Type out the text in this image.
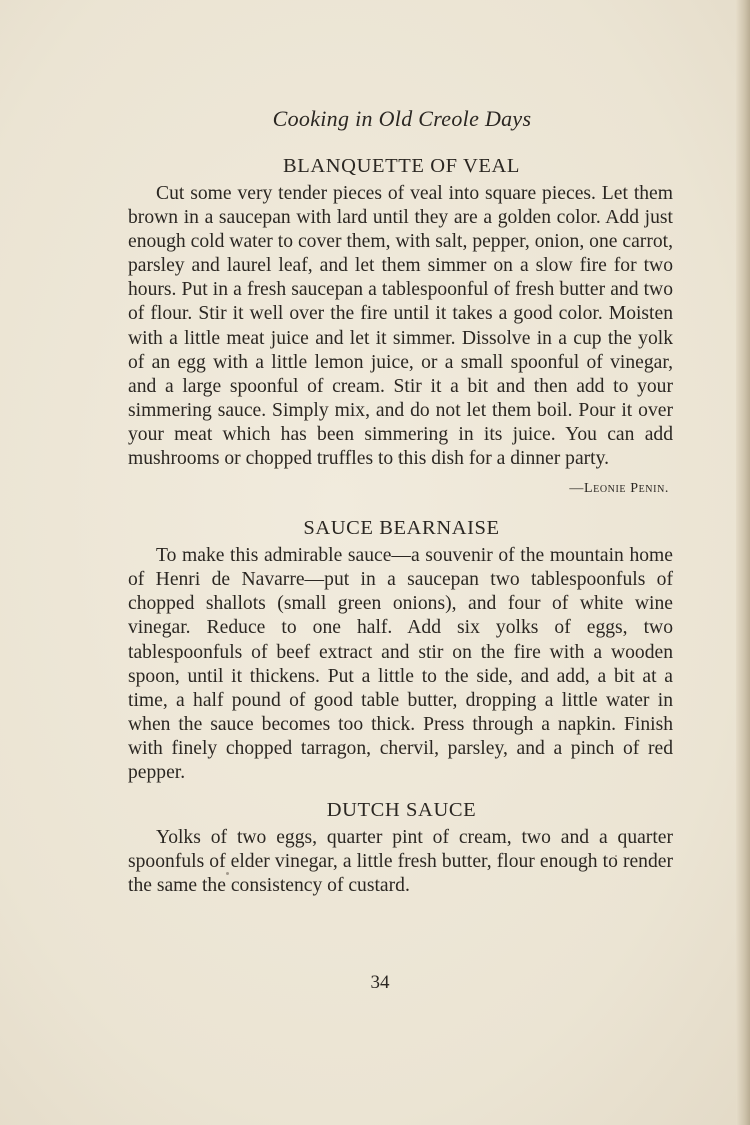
Cooking in Old Creole Days
BLANQUETTE OF VEAL

Cut some very tender pieces of veal into square pieces. Let them brown in a saucepan with lard until they are a golden color. Add just enough cold water to cover them, with salt, pepper, onion, one carrot, parsley and laurel leaf, and let them simmer on a slow fire for two hours. Put in a fresh saucepan a tablespoonful of fresh butter and two of flour. Stir it well over the fire until it takes a good color. Moisten with a little meat juice and let it simmer. Dissolve in a cup the yolk of an egg with a little lemon juice, or a small spoonful of vinegar, and a large spoonful of cream. Stir it a bit and then add to your simmering sauce. Simply mix, and do not let them boil. Pour it over your meat which has been simmering in its juice. You can add mushrooms or chopped truffles to this dish for a dinner party.
—Leonie Penin.

SAUCE BEARNAISE

To make this admirable sauce—a souvenir of the mountain home of Henri de Navarre—put in a saucepan two tablespoonfuls of chopped shallots (small green onions), and four of white wine vinegar. Reduce to one half. Add six yolks of eggs, two tablespoonfuls of beef extract and stir on the fire with a wooden spoon, until it thickens. Put a little to the side, and add, a bit at a time, a half pound of good table butter, dropping a little water in when the sauce becomes too thick. Press through a napkin. Finish with finely chopped tarragon, chervil, parsley, and a pinch of red pepper.

DUTCH SAUCE

Yolks of two eggs, quarter pint of cream, two and a quarter spoonfuls of elder vinegar, a little fresh butter, flour enough to render the same the consistency of custard.

34
